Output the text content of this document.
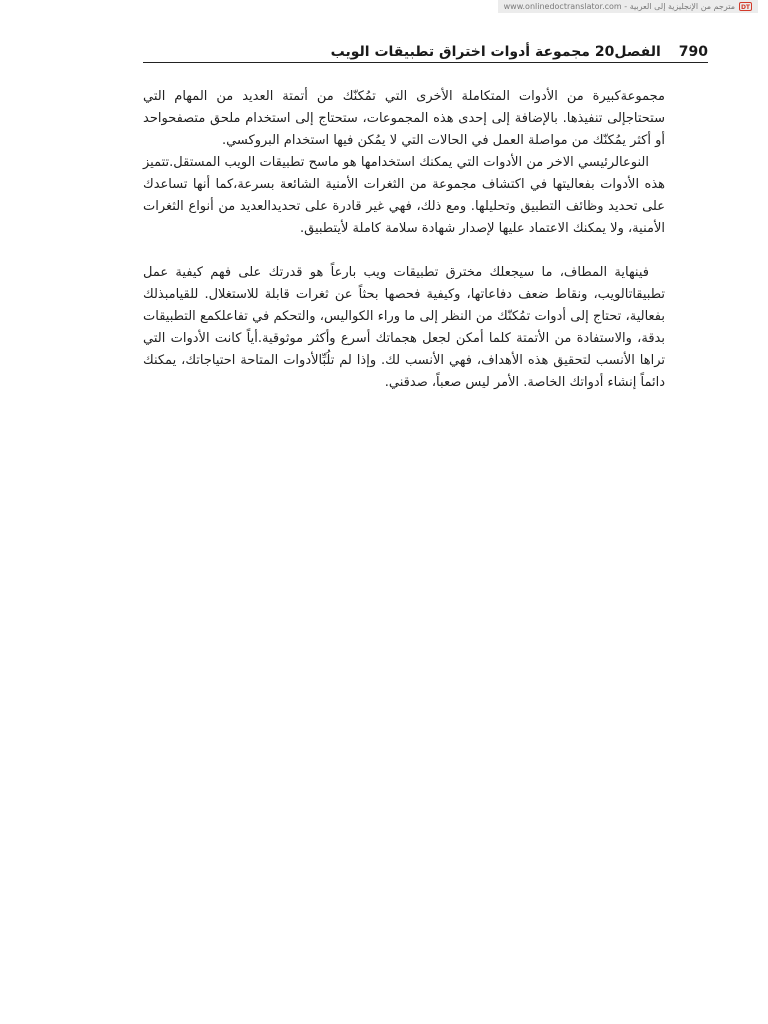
www.onlinedoctranslator.com - مترجم من الإنجليزية إلى العربية DT
الفصل20 مجموعة أدوات اختراق تطبيقات الويب 790

مجموعةكبيرة من الأدوات المتكاملة الأخرى التي تمُكنّك من أتمتة العديد من المهام التي ستحتاجإلى تنفيذها. بالإضافة إلى إحدى هذه المجموعات، ستحتاج إلى استخدام ملحق متصفحواحد أو أكثر يمُكنّك من مواصلة العمل في الحالات التي لا يمُكن فيها استخدام البروكسي.

النوعالرئيسي الاخر من الأدوات التي يمكنك استخدامها هو ماسح تطبيقات الويب المستقل.تتميز هذه الأدوات بفعاليتها في اكتشاف مجموعة من الثغرات الأمنية الشائعة بسرعة،كما أنها تساعدك على تحديد وظائف التطبيق وتحليلها. ومع ذلك، فهي غير قادرة على تحديدالعديد من أنواع الثغرات الأمنية، ولا يمكنك الاعتماد عليها لإصدار شهادة سلامة كاملة لأيتطبيق.

فينهاية المطاف، ما سيجعلك مخترق تطبيقات ويب بارعاً هو قدرتك على فهم كيفية عمل تطبيقاتالويب، ونقاط ضعف دفاعاتها، وكيفية فحصها بحثاً عن ثغرات قابلة للاستغلال. للقيامبذلك بفعالية، تحتاج إلى أدوات تمُكنّك من النظر إلى ما وراء الكواليس، والتحكم في تفاعلكمع التطبيقات بدقة، والاستفادة من الأتمتة كلما أمكن لجعل هجماتك أسرع وأكثر موثوقية.أياً كانت الأدوات التي تراها الأنسب لتحقيق هذه الأهداف، فهي الأنسب لك. وإذا لم تلُبِّالأدوات المتاحة احتياجاتك، يمكنك دائماً إنشاء أدواتك الخاصة. الأمر ليس صعباً، صدقني.
